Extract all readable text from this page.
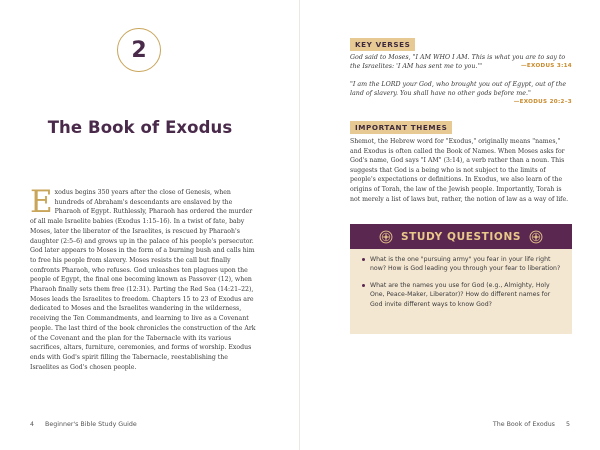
2
The Book of Exodus
Exodus begins 350 years after the close of Genesis, when hundreds of Abraham's descendants are enslaved by the Pharaoh of Egypt. Ruthlessly, Pharaoh has ordered the murder of all male Israelite babies (Exodus 1:15–16). In a twist of fate, baby Moses, later the liberator of the Israelites, is rescued by Pharaoh's daughter (2:5–6) and grows up in the palace of his people's persecutor. God later appears to Moses in the form of a burning bush and calls him to free his people from slavery. Moses resists the call but finally confronts Pharaoh, who refuses. God unleashes ten plagues upon the people of Egypt, the final one becoming known as Passover (12), when Pharaoh finally sets them free (12:31). Parting the Red Sea (14:21–22), Moses leads the Israelites to freedom. Chapters 15 to 23 of Exodus are dedicated to Moses and the Israelites wandering in the wilderness, receiving the Ten Commandments, and learning to live as a Covenant people. The last third of the book chronicles the construction of the Ark of the Covenant and the plan for the Tabernacle with its various sacrifices, altars, furniture, ceremonies, and forms of worship. Exodus ends with God's spirit filling the Tabernacle, reestablishing the Israelites as God's chosen people.
4 Beginner's Bible Study Guide
KEY VERSES
God said to Moses, "I AM WHO I AM. This is what you are to say to the Israelites: 'I AM has sent me to you.'"	—EXODUS 3:14
"I am the LORD your God, who brought you out of Egypt, out of the land of slavery. You shall have no other gods before me."
—EXODUS 20:2–3
IMPORTANT THEMES
Shemot, the Hebrew word for "Exodus," originally means "names," and Exodus is often called the Book of Names. When Moses asks for God's name, God says "I AM" (3:14), a verb rather than a noun. This suggests that God is a being who is not subject to the limits of people's expectations or definitions. In Exodus, we also learn of the origins of Torah, the law of the Jewish people. Importantly, Torah is not merely a list of laws but, rather, the notion of law as a way of life.
STUDY QUESTIONS
What is the one "pursuing army" you fear in your life right now? How is God leading you through your fear to liberation?
What are the names you use for God (e.g., Almighty, Holy One, Peace-Maker, Liberator)? How do different names for God invite different ways to know God?
The Book of Exodus 5
